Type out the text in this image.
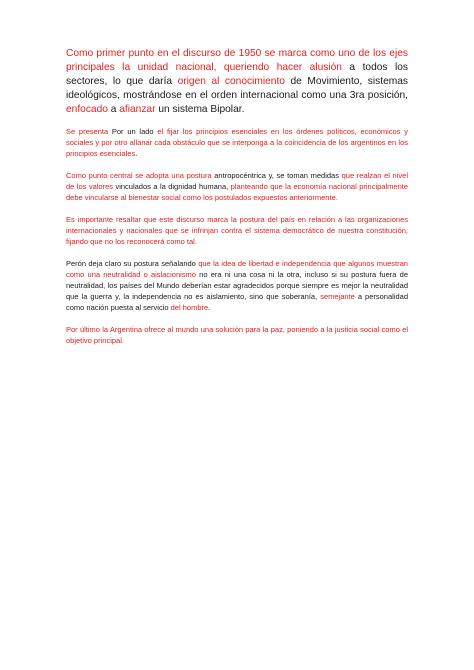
Como primer punto en el discurso de 1950 se marca como uno de los ejes principales la unidad nacional, queriendo hacer alusión a todos los sectores, lo que daría origen al conocimiento de Movimiento, sistemas ideológicos, mostrándose en el orden internacional como una 3ra posición, enfocado a afianzar un sistema Bipolar.

Se presenta Por un lado el fijar los principios esenciales en los órdenes políticos, económicos y sociales y por otro allanar cada obstáculo que se interponga a la coincidencia de los argentinos en los principios esenciales.

Como punto central se adopta una postura antropocéntrica y, se toman medidas que realzan el nivel de los valores vinculados a la dignidad humana, planteando que la economía nacional principalmente debe vincularse al bienestar social como los postulados expuestos anteriormente.

Es importante resaltar que este discurso marca la postura del país en relación a las organizaciones internacionales y nacionales que se infrinjan contra el sistema democrático de nuestra constitución, fijando que no los reconocerá como tal.

Perón deja claro su postura señalando que la idea de libertad e independencia que algunos muestran como una neutralidad o aislacionismo no era ni una cosa ni la otra, incluso si su postura fuera de neutralidad, los países del Mundo deberían estar agradecidos porque siempre es mejor la neutralidad que la guerra y, la independencia no es aislamiento, sino que soberanía, semejante a personalidad como nación puesta al servicio del hombre.

Por último la Argentina ofrece al mundo una solución para la paz, poniendo a la justicia social como el objetivo principal.
